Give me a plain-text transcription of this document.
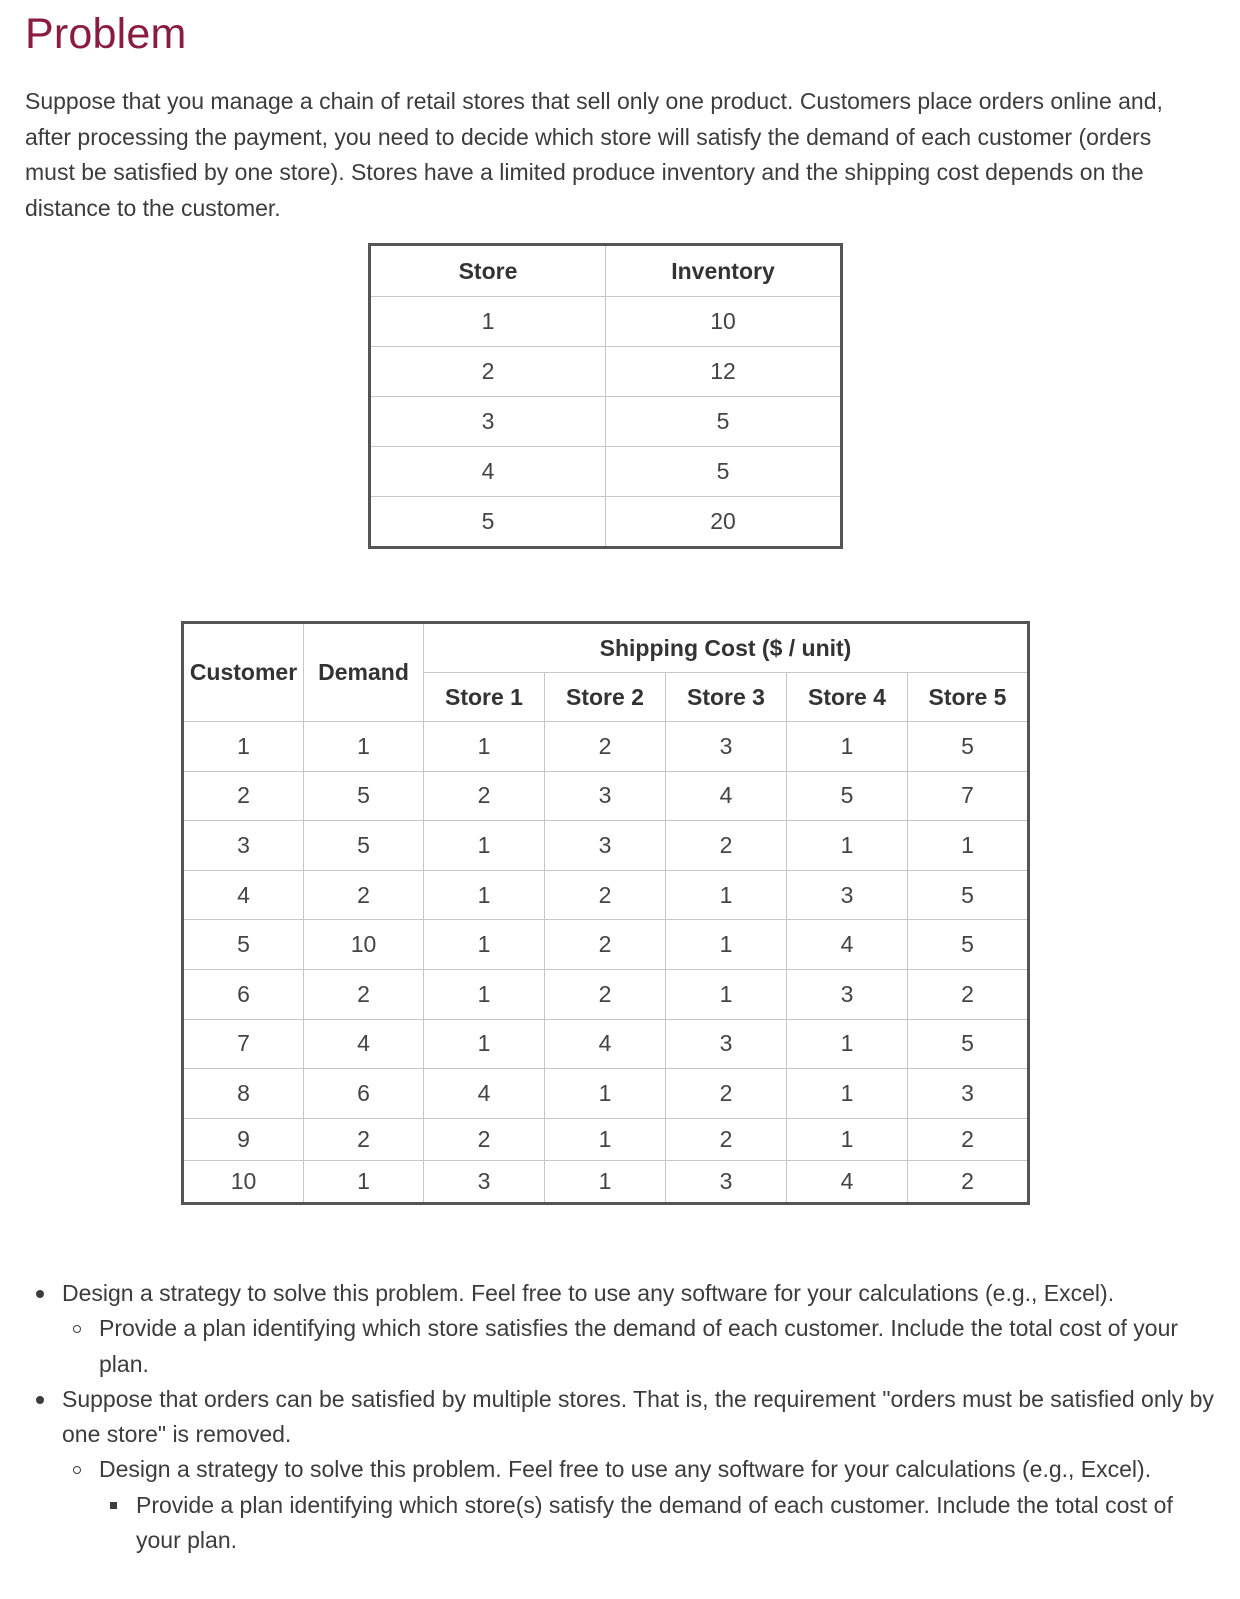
Problem

Suppose that you manage a chain of retail stores that sell only one product. Customers place orders online and, after processing the payment, you need to decide which store will satisfy the demand of each customer (orders must be satisfied by one store). Stores have a limited produce inventory and the shipping cost depends on the distance to the customer.

Store	Inventory
1	10
2	12
3	5
4	5
5	20
Customer	Demand	Shipping Cost ($ / unit)				
		Store 1	Store 2	Store 3	Store 4	Store 5
1	1	1	2	3	1	5
2	5	2	3	4	5	7
3	5	1	3	2	1	1
4	2	1	2	1	3	5
5	10	1	2	1	4	5
6	2	1	2	1	3	2
7	4	1	4	3	1	5
8	6	4	1	2	1	3
9	2	2	1	2	1	2
10	1	3	1	3	4	2
Design a strategy to solve this problem. Feel free to use any software for your calculations (e.g., Excel).
Provide a plan identifying which store satisfies the demand of each customer. Include the total cost of your plan.
Suppose that orders can be satisfied by multiple stores. That is, the requirement "orders must be satisfied only by one store" is removed.
Design a strategy to solve this problem. Feel free to use any software for your calculations (e.g., Excel).
Provide a plan identifying which store(s) satisfy the demand of each customer. Include the total cost of your plan.
